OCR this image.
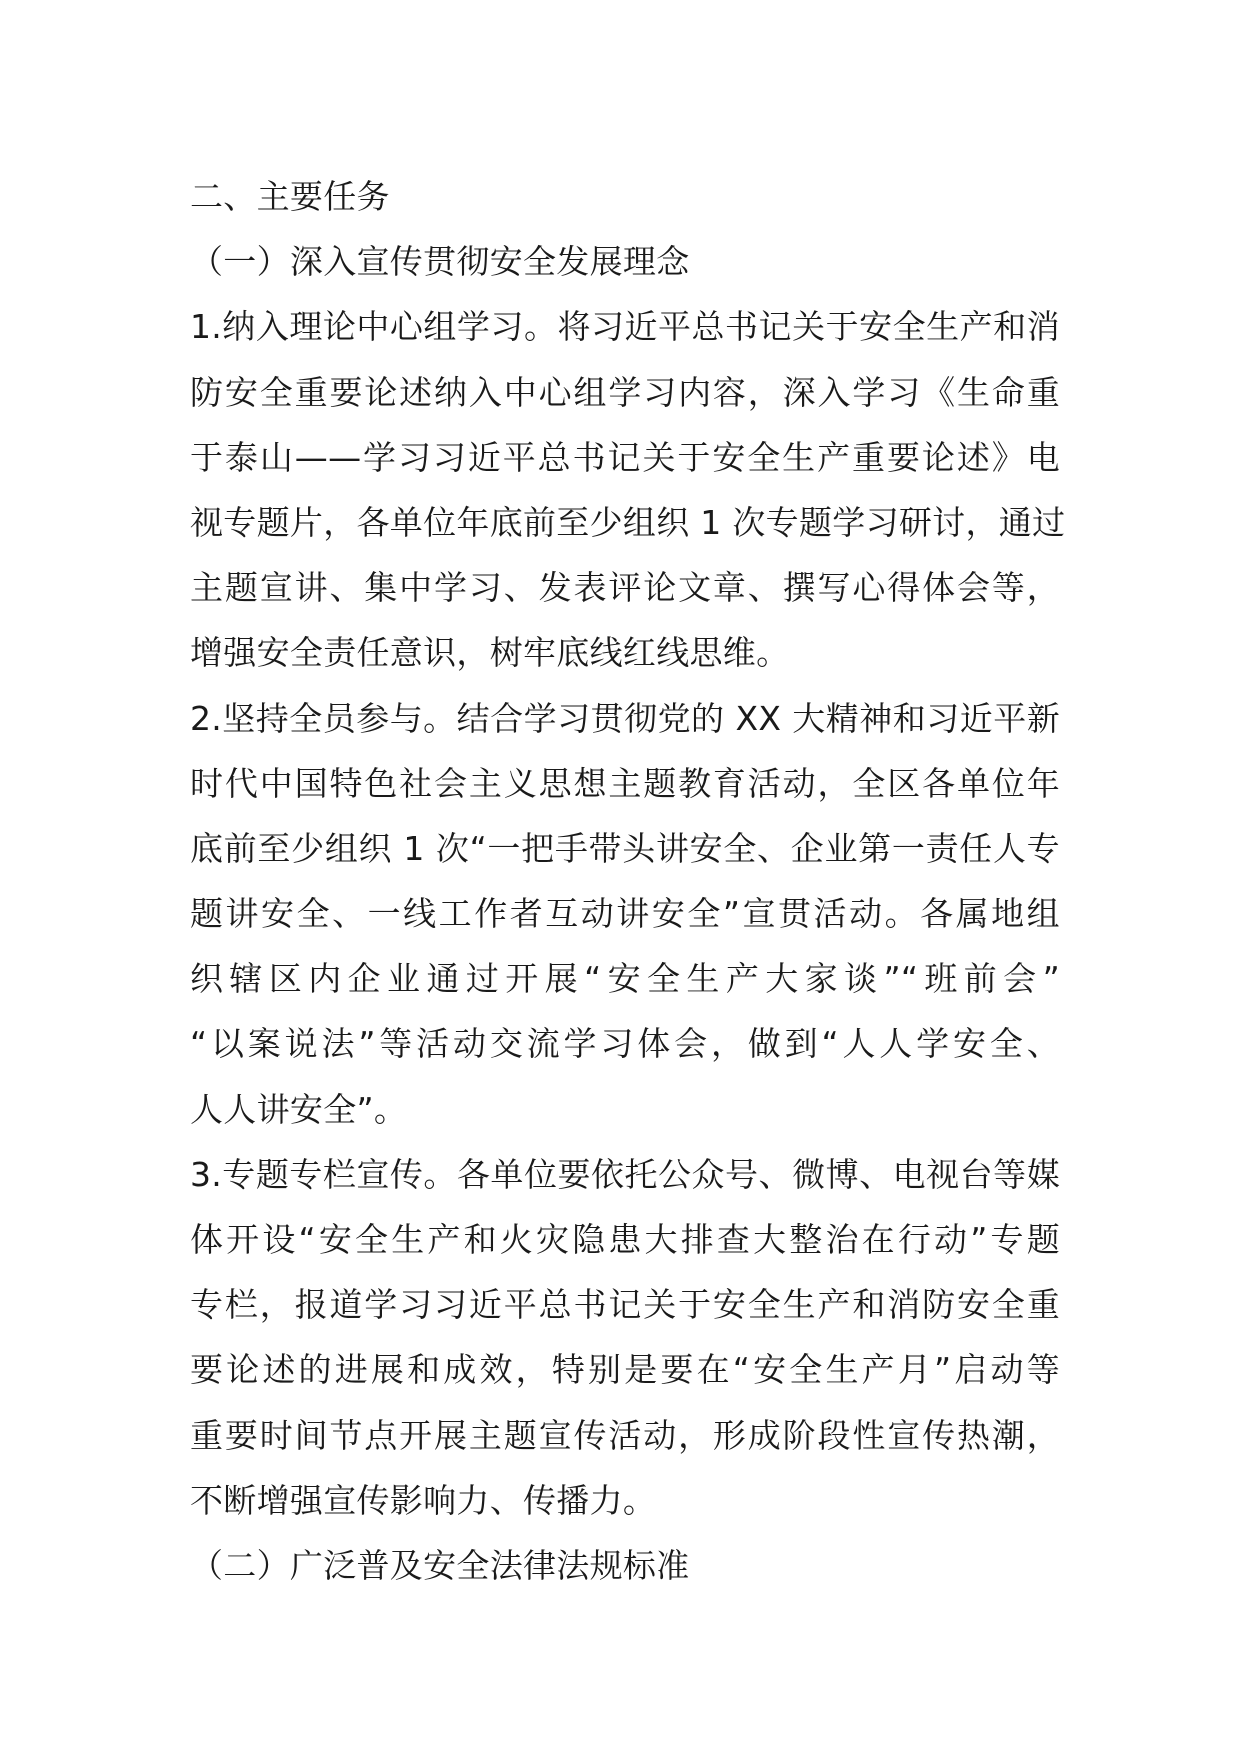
二、主要任务
（一）深入宣传贯彻安全发展理念
1.纳入理论中心组学习。将习近平总书记关于安全生产和消
防安全重要论述纳入中心组学习内容，深入学习《生命重
于泰山——学习习近平总书记关于安全生产重要论述》电
视专题片，各单位年底前至少组织 1 次专题学习研讨，通过
主题宣讲、集中学习、发表评论文章、撰写心得体会等，
增强安全责任意识，树牢底线红线思维。
2.坚持全员参与。结合学习贯彻党的 XX 大精神和习近平新
时代中国特色社会主义思想主题教育活动，全区各单位年
底前至少组织 1 次“一把手带头讲安全、企业第一责任人专
题讲安全、一线工作者互动讲安全”宣贯活动。各属地组
织辖区内企业通过开展“安全生产大家谈”“班前会”
“以案说法”等活动交流学习体会，做到“人人学安全、
人人讲安全”。
3.专题专栏宣传。各单位要依托公众号、微博、电视台等媒
体开设“安全生产和火灾隐患大排查大整治在行动”专题
专栏，报道学习习近平总书记关于安全生产和消防安全重
要论述的进展和成效，特别是要在“安全生产月”启动等
重要时间节点开展主题宣传活动，形成阶段性宣传热潮，
不断增强宣传影响力、传播力。
（二）广泛普及安全法律法规标准
